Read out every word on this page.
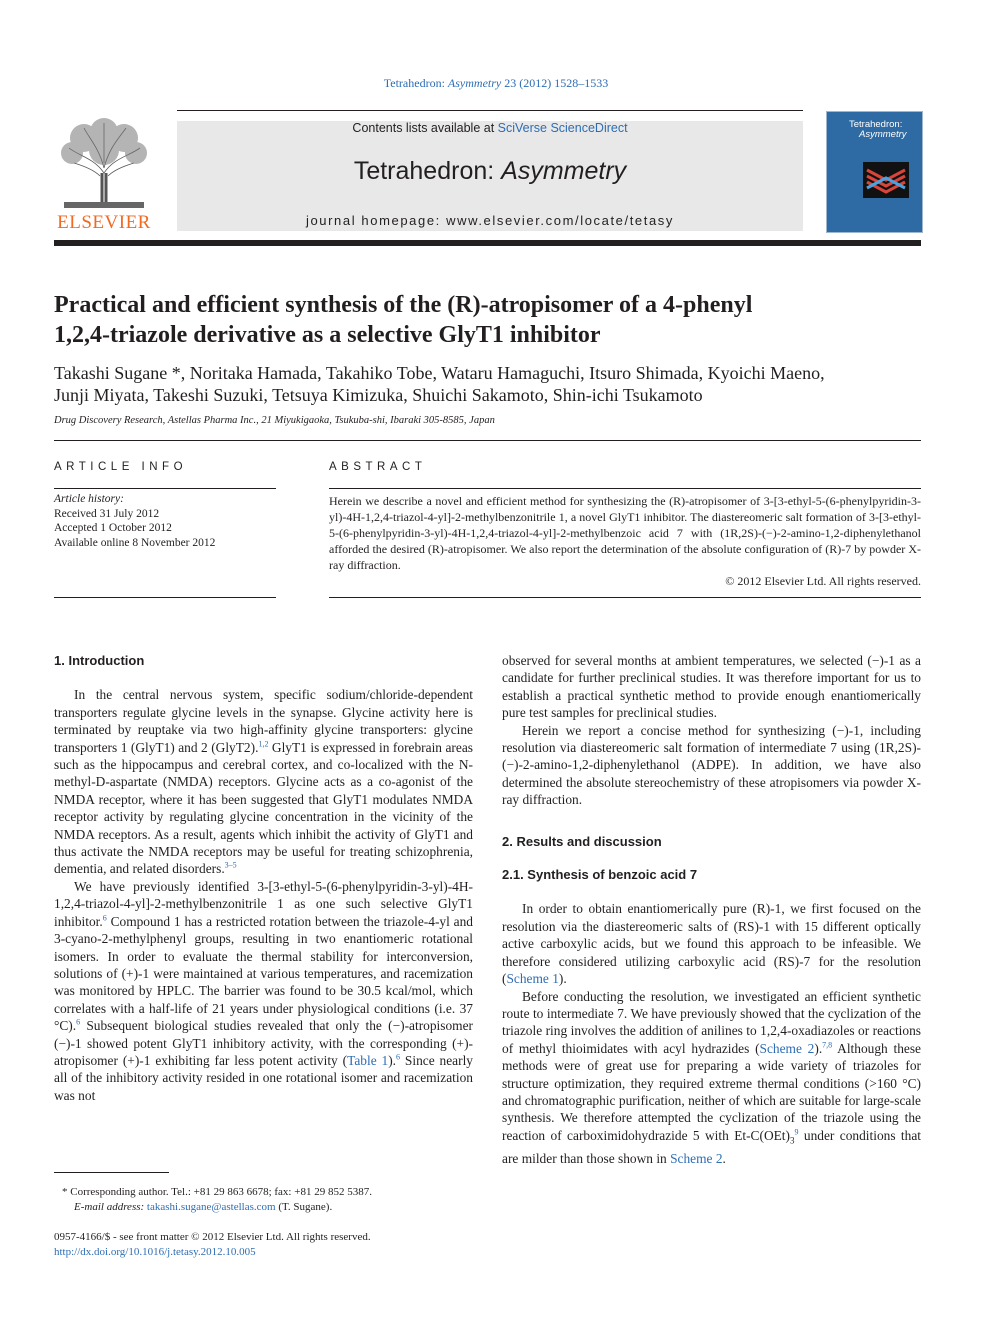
Tetrahedron: Asymmetry 23 (2012) 1528–1533
ELSEVIER
Contents lists available at SciVerse ScienceDirect
Tetrahedron: Asymmetry
journal homepage: www.elsevier.com/locate/tetasy
Tetrahedron:
Asymmetry
Practical and efficient synthesis of the (R)-atropisomer of a 4-phenyl
1,2,4-triazole derivative as a selective GlyT1 inhibitor
Takashi Sugane *, Noritaka Hamada, Takahiko Tobe, Wataru Hamaguchi, Itsuro Shimada, Kyoichi Maeno,
Junji Miyata, Takeshi Suzuki, Tetsuya Kimizuka, Shuichi Sakamoto, Shin-ichi Tsukamoto
Drug Discovery Research, Astellas Pharma Inc., 21 Miyukigaoka, Tsukuba-shi, Ibaraki 305-8585, Japan
ARTICLE INFO
Article history:
Received 31 July 2012
Accepted 1 October 2012
Available online 8 November 2012
ABSTRACT
Herein we describe a novel and efficient method for synthesizing the (R)-atropisomer of 3-[3-ethyl-5-(6-phenylpyridin-3-yl)-4H-1,2,4-triazol-4-yl]-2-methylbenzonitrile 1, a novel GlyT1 inhibitor. The diastereomeric salt formation of 3-[3-ethyl-5-(6-phenylpyridin-3-yl)-4H-1,2,4-triazol-4-yl]-2-methylbenzoic acid 7 with (1R,2S)-(−)-2-amino-1,2-diphenylethanol afforded the desired (R)-atropisomer. We also report the determination of the absolute configuration of (R)-7 by powder X-ray diffraction.
© 2012 Elsevier Ltd. All rights reserved.
1. Introduction

In the central nervous system, specific sodium/chloride-dependent transporters regulate glycine levels in the synapse. Glycine activity here is terminated by reuptake via two high-affinity glycine transporters: glycine transporters 1 (GlyT1) and 2 (GlyT2).$^{1,2}$ GlyT1 is expressed in forebrain areas such as the hippocampus and cerebral cortex, and co-localized with the N-methyl-D-aspartate (NMDA) receptors. Glycine acts as a co-agonist of the NMDA receptor, where it has been suggested that GlyT1 modulates NMDA receptor activity by regulating glycine concentration in the vicinity of the NMDA receptors. As a result, agents which inhibit the activity of GlyT1 and thus activate the NMDA receptors may be useful for treating schizophrenia, dementia, and related disorders.$^{3-5}$

We have previously identified 3-[3-ethyl-5-(6-phenylpyridin-3-yl)-4H-1,2,4-triazol-4-yl]-2-methylbenzonitrile 1 as one such selective GlyT1 inhibitor.$^6$ Compound 1 has a restricted rotation between the triazole-4-yl and 3-cyano-2-methylphenyl groups, resulting in two enantiomeric rotational isomers. In order to evaluate the thermal stability for interconversion, solutions of (+)-1 were maintained at various temperatures, and racemization was monitored by HPLC. The barrier was found to be 30.5 kcal/mol, which correlates with a half-life of 21 years under physiological conditions (i.e. 37 °C).$^6$ Subsequent biological studies revealed that only the (−)-atropisomer (−)-1 showed potent GlyT1 inhibitory activity, with the corresponding (+)-atropisomer (+)-1 exhibiting far less potent activity (Table 1).$^6$ Since nearly all of the inhibitory activity resided in one rotational isomer and racemization was not

observed for several months at ambient temperatures, we selected (−)-1 as a candidate for further preclinical studies. It was therefore important for us to establish a practical synthetic method to provide enough enantiomerically pure test samples for preclinical studies.

Herein we report a concise method for synthesizing (−)-1, including resolution via diastereomeric salt formation of intermediate 7 using (1R,2S)-(−)-2-amino-1,2-diphenylethanol (ADPE). In addition, we have also determined the absolute stereochemistry of these atropisomers via powder X-ray diffraction.

2. Results and discussion
2.1. Synthesis of benzoic acid 7

In order to obtain enantiomerically pure (R)-1, we first focused on the resolution via the diastereomeric salts of (RS)-1 with 15 different optically active carboxylic acids, but we found this approach to be infeasible. We therefore considered utilizing carboxylic acid (RS)-7 for the resolution (Scheme 1).

Before conducting the resolution, we investigated an efficient synthetic route to intermediate 7. We have previously showed that the cyclization of the triazole ring involves the addition of anilines to 1,2,4-oxadiazoles or reactions of methyl thioimidates with acyl hydrazides (Scheme 2).$^{7,8}$ Although these methods were of great use for preparing a wide variety of triazoles for structure optimization, they required extreme thermal conditions (>160 °C) and chromatographic purification, neither of which are suitable for large-scale synthesis. We therefore attempted the cyclization of the triazole using the reaction of carboximidohydrazide 5 with $Et-C(OEt)_3^9$ under conditions that are milder than those shown in Scheme 2.

* Corresponding author. Tel.: +81 29 863 6678; fax: +81 29 852 5387.
E-mail address: takashi.sugane@astellas.com (T. Sugane).
0957-4166/$ - see front matter © 2012 Elsevier Ltd. All rights reserved.
http://dx.doi.org/10.1016/j.tetasy.2012.10.005
